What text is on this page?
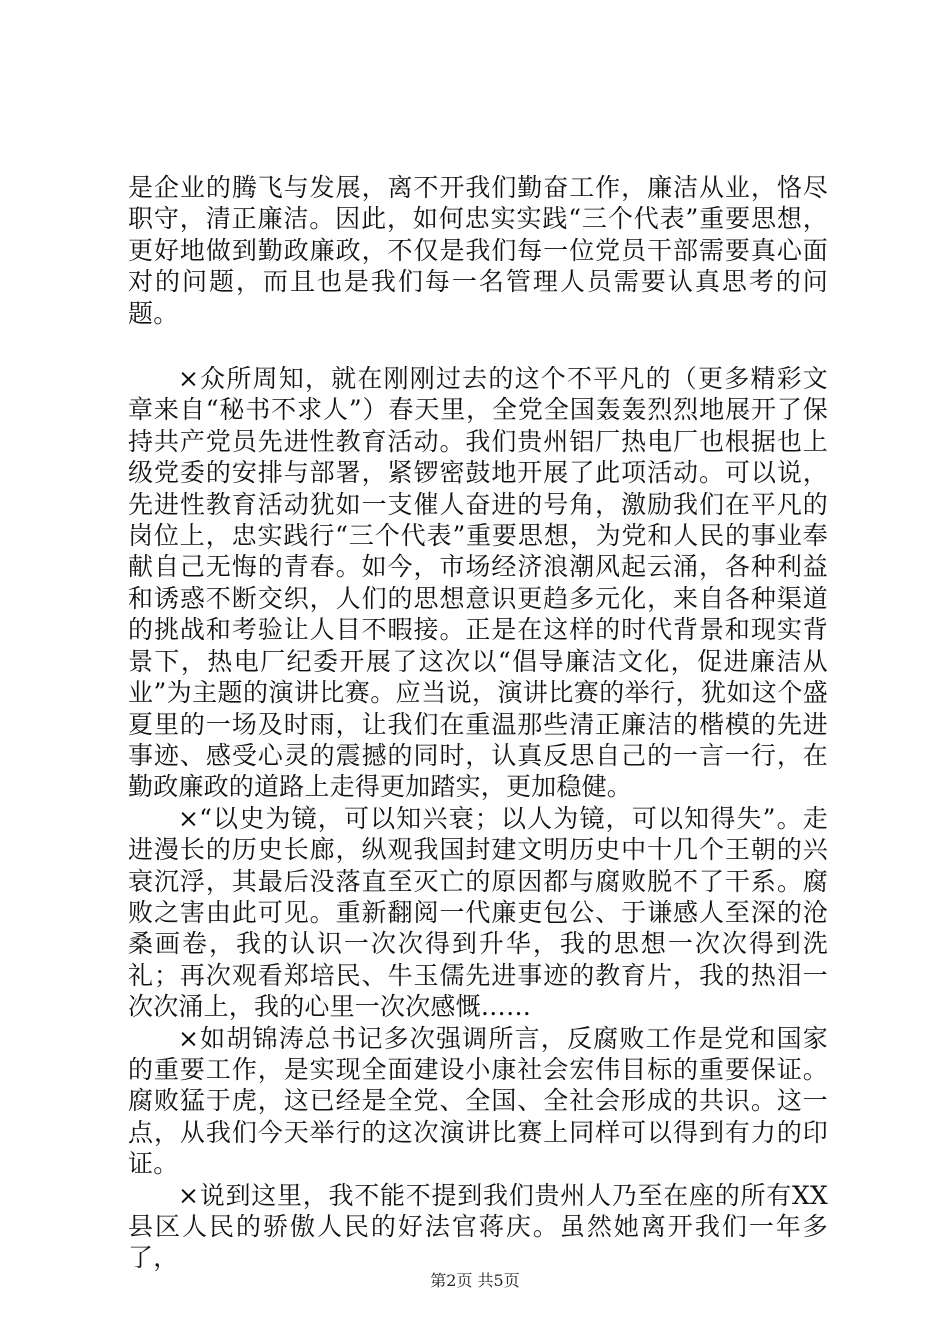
是企业的腾飞与发展，离不开我们勤奋工作，廉洁从业，恪尽职守，清正廉洁。因此，如何忠实实践“三个代表”重要思想，更好地做到勤政廉政，不仅是我们每一位党员干部需要真心面对的问题，而且也是我们每一名管理人员需要认真思考的问题。

×众所周知，就在刚刚过去的这个不平凡的（更多精彩文章来自“秘书不求人”）春天里，全党全国轰轰烈烈地展开了保持共产党员先进性教育活动。我们贵州铝厂热电厂也根据也上级党委的安排与部署，紧锣密鼓地开展了此项活动。可以说，先进性教育活动犹如一支催人奋进的号角，激励我们在平凡的岗位上，忠实践行“三个代表”重要思想，为党和人民的事业奉献自己无悔的青春。如今，市场经济浪潮风起云涌，各种利益和诱惑不断交织，人们的思想意识更趋多元化，来自各种渠道的挑战和考验让人目不暇接。正是在这样的时代背景和现实背景下，热电厂纪委开展了这次以“倡导廉洁文化，促进廉洁从业”为主题的演讲比赛。应当说，演讲比赛的举行，犹如这个盛夏里的一场及时雨，让我们在重温那些清正廉洁的楷模的先进事迹、感受心灵的震撼的同时，认真反思自己的一言一行，在勤政廉政的道路上走得更加踏实，更加稳健。

×“以史为镜，可以知兴衰；以人为镜，可以知得失”。走进漫长的历史长廊，纵观我国封建文明历史中十几个王朝的兴衰沉浮，其最后没落直至灭亡的原因都与腐败脱不了干系。腐败之害由此可见。重新翻阅一代廉吏包公、于谦感人至深的沧桑画卷，我的认识一次次得到升华，我的思想一次次得到洗礼；再次观看郑培民、牛玉儒先进事迹的教育片，我的热泪一次次涌上，我的心里一次次感慨……

×如胡锦涛总书记多次强调所言，反腐败工作是党和国家的重要工作，是实现全面建设小康社会宏伟目标的重要保证。腐败猛于虎，这已经是全党、全国、全社会形成的共识。这一点，从我们今天举行的这次演讲比赛上同样可以得到有力的印证。

×说到这里，我不能不提到我们贵州人乃至在座的所有XX县区人民的骄傲人民的好法官蒋庆。虽然她离开我们一年多了，

第2页 共5页
